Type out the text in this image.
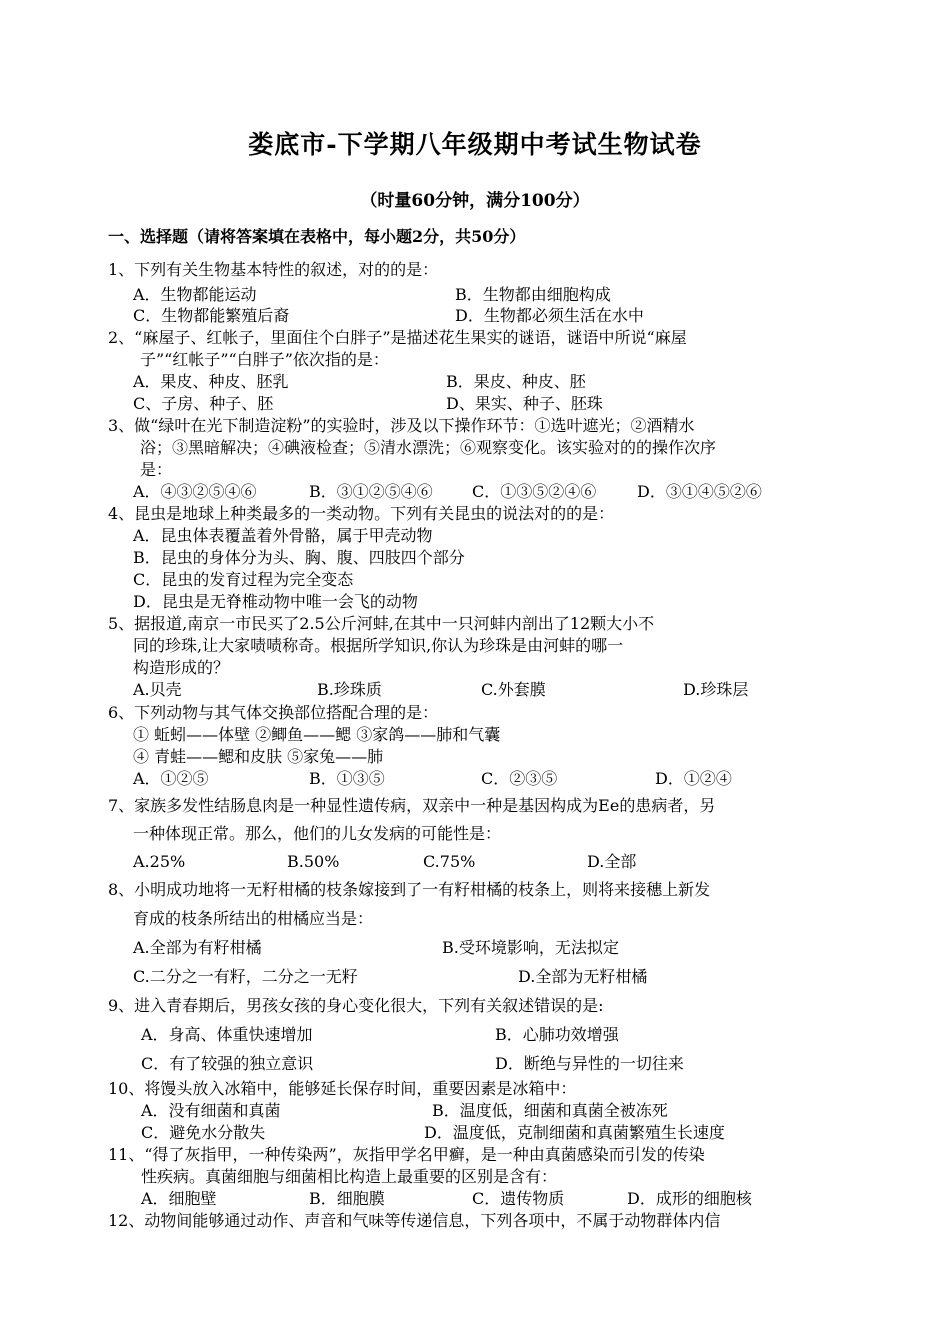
娄底市-下学期八年级期中考试生物试卷
（时量60分钟，满分100分）
一、选择题（请将答案填在表格中，每小题2分，共50分）
1、下列有关生物基本特性的叙述，对的的是：
A．生物都能运动	B．生物都由细胞构成
C．生物都能繁殖后裔	D．生物都必须生活在水中
2、“麻屋子、红帐子，里面住个白胖子”是描述花生果实的谜语，谜语中所说“麻屋
子”“红帐子”“白胖子”依次指的是：
A．果皮、种皮、胚乳	B．果皮、种皮、胚
C、子房、种子、胚	D、果实、种子、胚珠
3、做“绿叶在光下制造淀粉”的实验时，涉及以下操作环节：①选叶遮光；②酒精水
浴；③黑暗解决；④碘液检查；⑤清水漂洗；⑥观察变化。该实验对的的操作次序
是：
A．④③②⑤④⑥	B．③①②⑤④⑥ C．①③⑤②④⑥	D．③①④⑤②⑥
4、昆虫是地球上种类最多的一类动物。下列有关昆虫的说法对的的是：
A．昆虫体表覆盖着外骨骼，属于甲壳动物
B．昆虫的身体分为头、胸、腹、四肢四个部分
C．昆虫的发育过程为完全变态
D．昆虫是无脊椎动物中唯一会飞的动物
5、据报道,南京一市民买了2.5公斤河蚌,在其中一只河蚌内剖出了12颗大小不
同的珍珠,让大家啧啧称奇。根据所学知识,你认为珍珠是由河蚌的哪一
构造形成的？
A.贝壳	B.珍珠质	C.外套膜	D.珍珠层
6、下列动物与其气体交换部位搭配合理的是：
① 蚯蚓——体壁 ②鲫鱼——鳃 ③家鸽——肺和气囊
④ 青蛙——鳃和皮肤 ⑤家兔——肺
A．①②⑤	B．①③⑤	C．②③⑤	D．①②④
7、家族多发性结肠息肉是一种显性遗传病，双亲中一种是基因构成为Ee的患病者，另
一种体现正常。那么，他们的儿女发病的可能性是：
A.25%	B.50%	C.75%	D.全部
8、小明成功地将一无籽柑橘的枝条嫁接到了一有籽柑橘的枝条上，则将来接穗上新发
育成的枝条所结出的柑橘应当是：
A.全部为有籽柑橘	B.受环境影响，无法拟定
C.二分之一有籽，二分之一无籽	D.全部为无籽柑橘
9、进入青春期后，男孩女孩的身心变化很大，下列有关叙述错误的是:
A．身高、体重快速增加	B．心肺功效增强
C．有了较强的独立意识	D．断绝与异性的一切往来
10、将馒头放入冰箱中，能够延长保存时间，重要因素是冰箱中：
A．没有细菌和真菌	B．温度低，细菌和真菌全被冻死
C．避免水分散失	D．温度低，克制细菌和真菌繁殖生长速度
11、“得了灰指甲，一种传染两”，灰指甲学名甲癣，是一种由真菌感染而引发的传染
性疾病。真菌细胞与细菌相比构造上最重要的区别是含有：
A．细胞壁	B．细胞膜	C．遗传物质	D．成形的细胞核
12、动物间能够通过动作、声音和气味等传递信息，下列各项中，不属于动物群体内信
